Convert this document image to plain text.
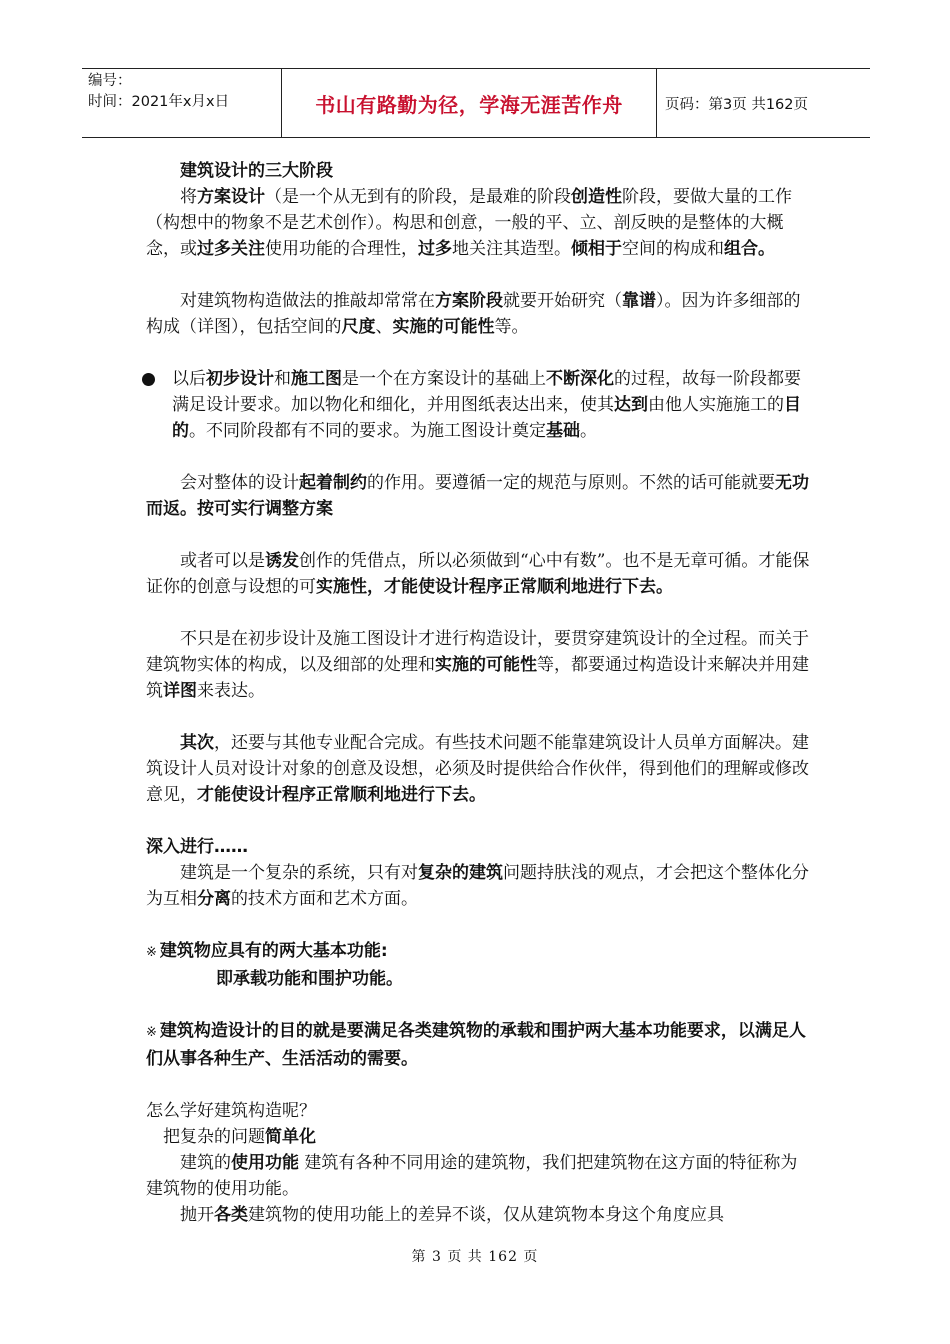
编号：
时间：2021年x月x日	书山有路勤为径，学海无涯苦作舟	页码：第3页 共162页

建筑设计的三大阶段

将方案设计（是一个从无到有的阶段，是最难的阶段创造性阶段，要做大量的工作（构想中的物象不是艺术创作）。构思和创意，一般的平、立、剖反映的是整体的大概念，或过多关注使用功能的合理性，过多地关注其造型。倾相于空间的构成和组合。

对建筑物构造做法的推敲却常常在方案阶段就要开始研究（靠谱）。因为许多细部的构成（详图），包括空间的尺度、实施的可能性等。

以后初步设计和施工图是一个在方案设计的基础上不断深化的过程，故每一阶段都要满足设计要求。加以物化和细化，并用图纸表达出来，使其达到由他人实施施工的目的。不同阶段都有不同的要求。为施工图设计奠定基础。

会对整体的设计起着制约的作用。要遵循一定的规范与原则。不然的话可能就要无功而返。按可实行调整方案

或者可以是诱发创作的凭借点，所以必须做到“心中有数”。也不是无章可循。才能保证你的创意与设想的可实施性，才能使设计程序正常顺利地进行下去。

不只是在初步设计及施工图设计才进行构造设计，要贯穿建筑设计的全过程。而关于建筑物实体的构成，以及细部的处理和实施的可能性等，都要通过构造设计来解决并用建筑详图来表达。

其次，还要与其他专业配合完成。有些技术问题不能靠建筑设计人员单方面解决。建筑设计人员对设计对象的创意及设想，必须及时提供给合作伙伴，得到他们的理解或修改意见，才能使设计程序正常顺利地进行下去。

深入进行……

建筑是一个复杂的系统，只有对复杂的建筑问题持肤浅的观点，才会把这个整体化分为互相分离的技术方面和艺术方面。

※ 建筑物应具有的两大基本功能:

即承载功能和围护功能。

※ 建筑构造设计的目的就是要满足各类建筑物的承载和围护两大基本功能要求，以满足人们从事各种生产、生活活动的需要。

怎么学好建筑构造呢？

把复杂的问题简单化

建筑的使用功能 建筑有各种不同用途的建筑物，我们把建筑物在这方面的特征称为建筑物的使用功能。

抛开各类建筑物的使用功能上的差异不谈，仅从建筑物本身这个角度应具

第 3 页 共 162 页
